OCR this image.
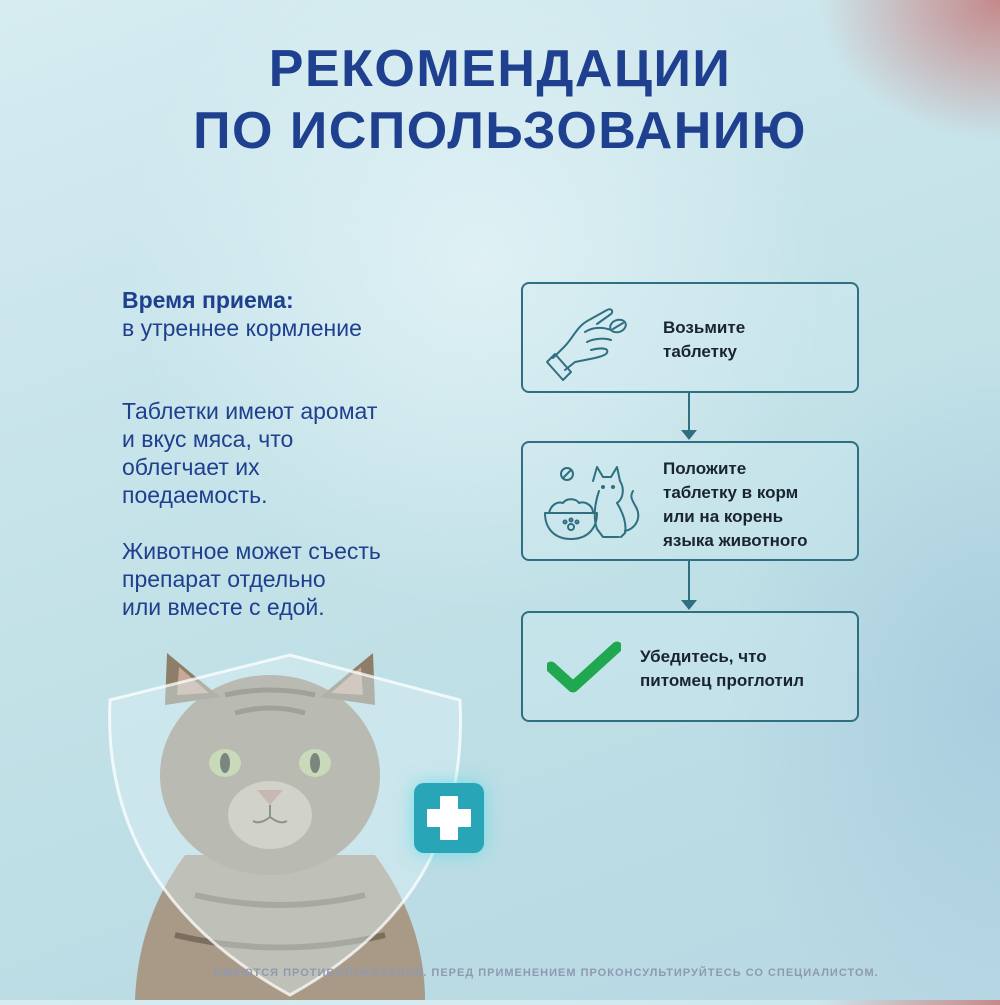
РЕКОМЕНДАЦИИ
ПО ИСПОЛЬЗОВАНИЮ
Время приема:
в утреннее кормление
Таблетки имеют аромат
и вкус мяса, что
облегчает их
поедаемость.
Животное может съесть
препарат отдельно
или вместе с едой.
Возьмите
таблетку
Положите
таблетку в корм
или на корень
языка животного
Убедитесь, что
питомец проглотил
ИМЕЮТСЯ ПРОТИВОПОКАЗАНИЯ. ПЕРЕД ПРИМЕНЕНИЕМ ПРОКОНСУЛЬТИРУЙТЕСЬ СО СПЕЦИАЛИСТОМ.
